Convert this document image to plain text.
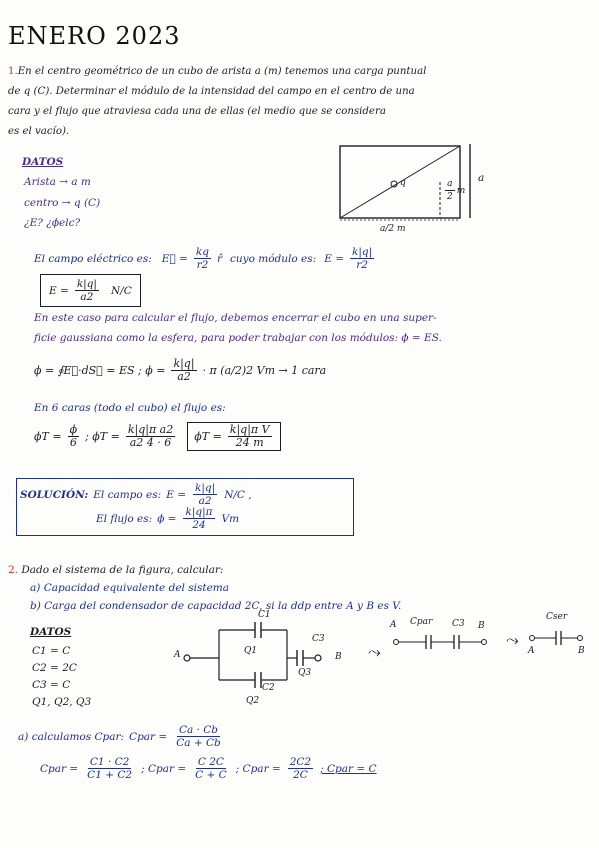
ENERO 2023
1.En el centro geométrico de un cubo de arista a (m) tenemos una carga puntual
de q (C). Determinar el módulo de la intensidad del campo en el centro de una
cara y el flujo que atraviesa cada una de ellas (el medio que se considera
es el vacío).
DATOS
Arista → a m
centro → q (C)
¿E? ¿ϕelc?
q	$\frac{a}{2}$ m
a
a/2 m
El campo eléctrico es: E⃗ = $\frac{kq}{r2}$ r̂ cuyo módulo es: $E = \frac{k|q|}{r2}$
$E = \frac{k|q|}{a2} N/C$
En este caso para calcular el flujo, debemos encerrar el cubo en una super-
ficie gaussiana como la esfera, para poder trabajar con los módulos: ϕ = ES.
ϕ = ∮E⃗·dS⃗ = ES ; $\phi = \frac{k|q|}{a2} \cdot \pi$ (a/2)2 Vm → 1 cara
En 6 caras (todo el cubo) el flujo es:
$\phi T = \frac{\phi}{6}$ ; $\phi T = \frac{\text{k|q|π a2}}{a2 4 \cdot 6}$ $\phi T = \frac{\text{k|q|π V}}{24 m}$
SOLUCIÓN: El campo es: $E = \frac{k|q|}{a2} N/C$ ,
El flujo es: $\phi = \frac{k|q|\pi}{24}$ Vm
2. Dado el sistema de la figura, calcular:
a) Capacidad equivalente del sistema
b) Carga del condensador de capacidad 2C, si la ddp entre A y B es V.
DATOS
C1 = C
C2 = 2C
C3 = C
Q1, Q2, Q3
A	B
C1
Q1
C2
Q2
C3
Q3
⤳
⤳
A Cpar C3 B
Cser
A	B
a) calculamos Cpar: Cpar = $\frac{Ca \cdot Cb}{Ca + Cb}$
Cpar = $\frac{C1 \cdot C2}{C1 + C2}$ ; Cpar = $\frac{C 2C}{C + C}$ ; Cpar = $\frac{2C2}{2C}$ ; Cpar = C
